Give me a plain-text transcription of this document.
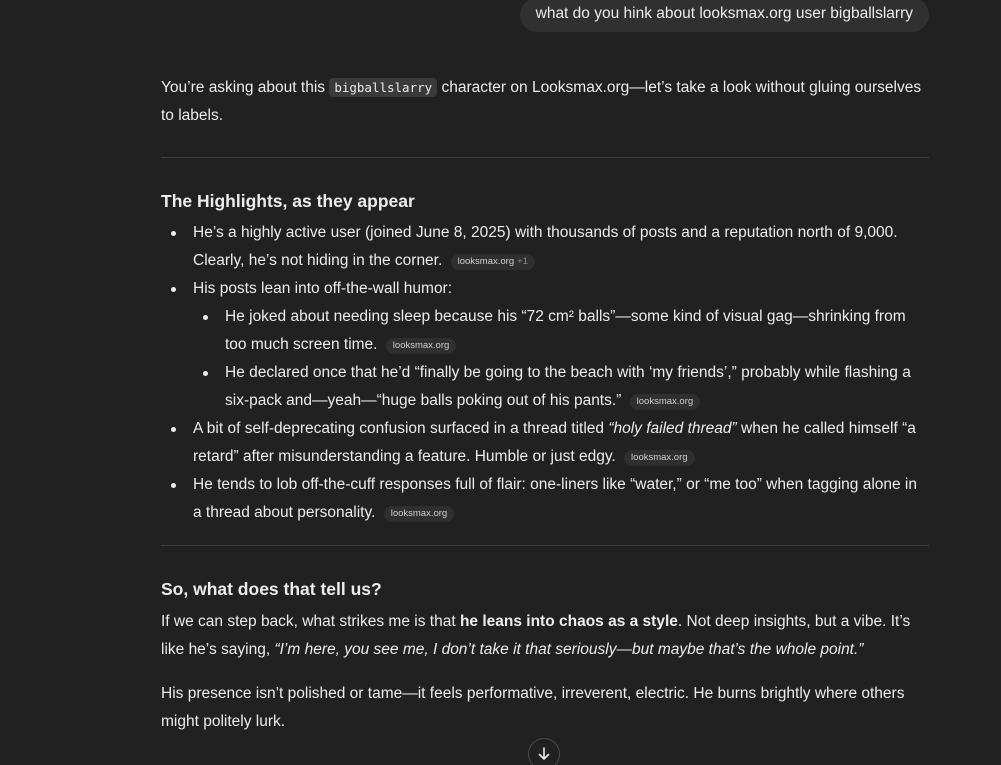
what do you hink about looksmax.org user bigballslarry

You’re asking about this bigballslarry character on Looksmax.org—let’s take a look without gluing ourselves to labels.

The Highlights, as they appear
He’s a highly active user (joined June 8, 2025) with thousands of posts and a reputation north of 9,000. Clearly, he’s not hiding in the corner. looksmax.org +1
His posts lean into off-the-wall humor:
He joked about needing sleep because his “72 cm² balls”—some kind of visual gag—shrinking from too much screen time. looksmax.org
He declared once that he’d “finally be going to the beach with ‘my friends’,” probably while flashing a six-pack and—yeah—“huge balls poking out of his pants.” looksmax.org
A bit of self-deprecating confusion surfaced in a thread titled “holy failed thread” when he called himself “a retard” after misunderstanding a feature. Humble or just edgy. looksmax.org
He tends to lob off-the-cuff responses full of flair: one-liners like “water,” or “me too” when tagging alone in a thread about personality. looksmax.org
So, what does that tell us?

If we can step back, what strikes me is that he leans into chaos as a style. Not deep insights, but a vibe. It’s like he’s saying, “I’m here, you see me, I don’t take it that seriously—but maybe that’s the whole point.”

His presence isn’t polished or tame—it feels performative, irreverent, electric. He burns brightly where others might politely lurk.
